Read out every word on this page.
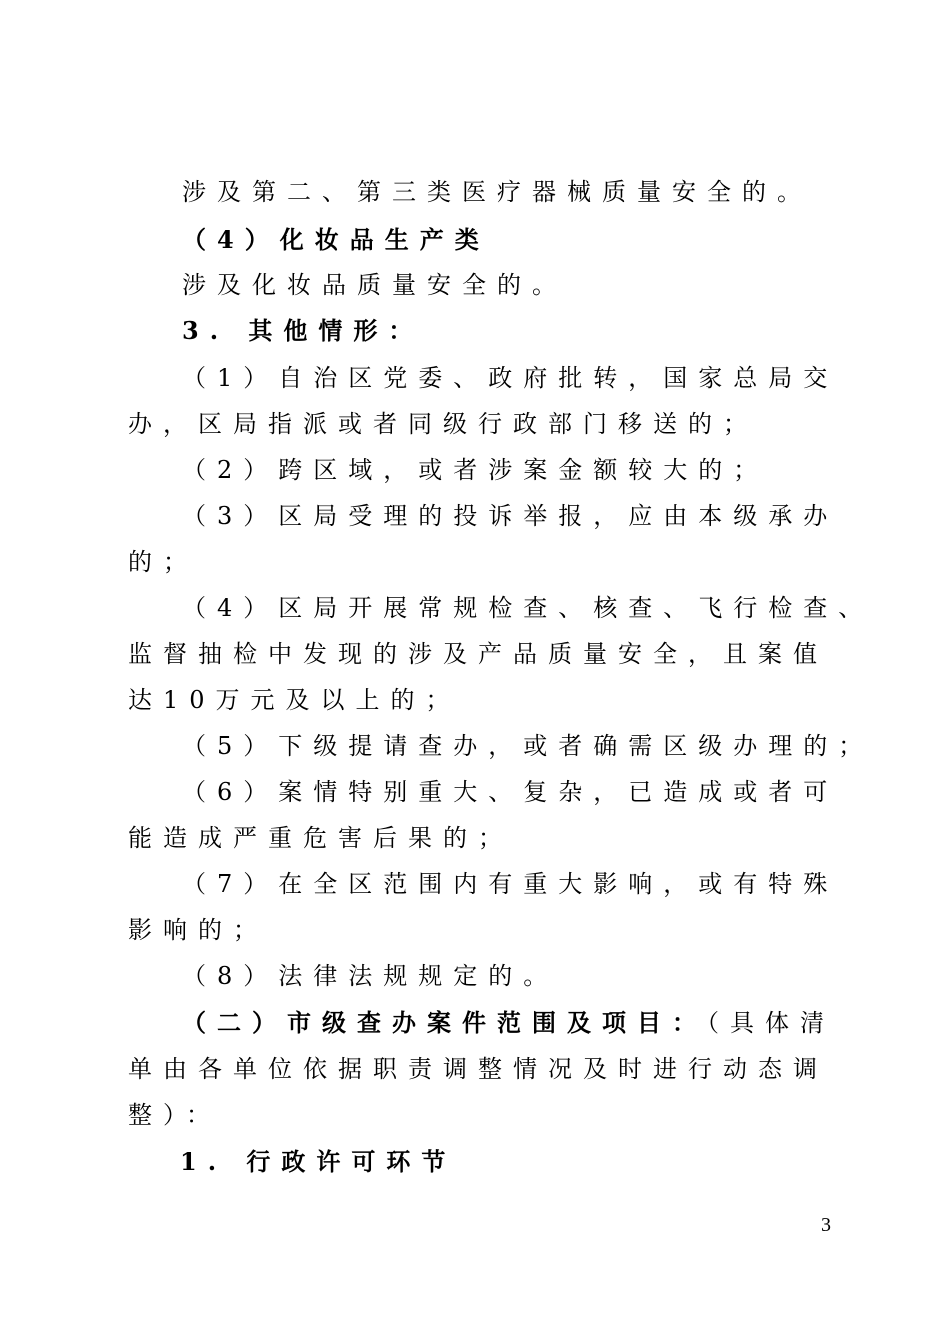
涉及第二、第三类医疗器械质量安全的。
（4）化妆品生产类
涉及化妆品质量安全的。
3. 其他情形：
（1）自治区党委、政府批转，国家总局交
办，区局指派或者同级行政部门移送的；
（2）跨区域，或者涉案金额较大的；
（3）区局受理的投诉举报，应由本级承办
的；
（4）区局开展常规检查、核查、飞行检查、
监督抽检中发现的涉及产品质量安全，且案值
达10万元及以上的；
（5）下级提请查办，或者确需区级办理的；
（6）案情特别重大、复杂，已造成或者可
能造成严重危害后果的；
（7）在全区范围内有重大影响，或有特殊
影响的；
（8）法律法规规定的。
（二）市级查办案件范围及项目：（具体清
单由各单位依据职责调整情况及时进行动态调
整）：
1. 行政许可环节
3
